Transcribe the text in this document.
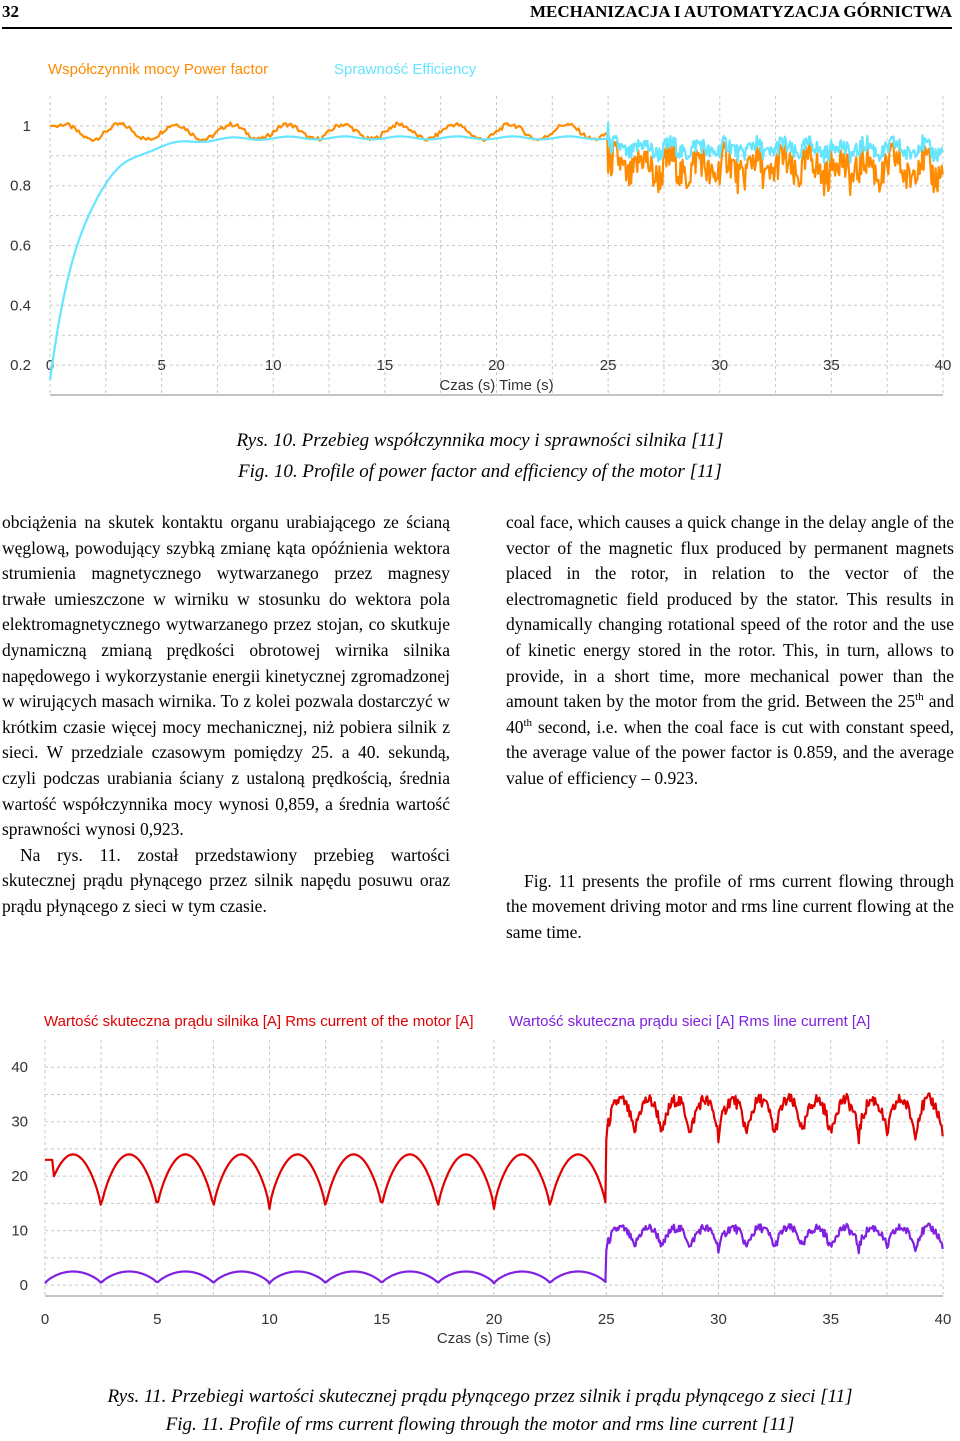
32	MECHANIZACJA I AUTOMATYZACJA GÓRNICTWA
0	5	10	15	20	25	30	35	40
0.2
0.4
0.6
0.8
1
Czas (s) Time (s)
Współczynnik mocy Power factor	Sprawność Efficiency
Rys. 10. Przebieg współczynnika mocy i sprawności silnika [11]
Fig. 10. Profile of power factor and efficiency of the motor [11]

obciążenia na skutek kontaktu organu urabiającego ze ścianą węglową, powodujący szybką zmianę kąta opóźnienia wektora strumienia magnetycznego wytwarzanego przez magnesy trwałe umieszczone w wirniku w stosunku do wektora pola elektromagnetycznego wytwarzanego przez stojan, co skutkuje dynamiczną zmianą prędkości obrotowej wirnika silnika napędowego i wykorzystanie energii kinetycznej zgromadzonej w wirujących masach wirnika. To z kolei pozwala dostarczyć w krótkim czasie więcej mocy mechanicznej, niż pobiera silnik z sieci. W przedziale czasowym pomiędzy 25. a 40. sekundą, czyli podczas urabiania ściany z ustaloną prędkością, średnia wartość współczynnika mocy wynosi 0,859, a średnia wartość sprawności wynosi 0,923.

Na rys. 11. został przedstawiony przebieg wartości skutecznej prądu płynącego przez silnik napędu posuwu oraz prądu płynącego z sieci w tym czasie.

coal face, which causes a quick change in the delay angle of the vector of the magnetic flux produced by permanent magnets placed in the rotor, in relation to the vector of the electromagnetic field produced by the stator. This results in dynamically changing rotational speed of the rotor and the use of kinetic energy stored in the rotor. This, in turn, allows to provide, in a short time, more mechanical power than the amount taken by the motor from the grid. Between the 25th and 40th second, i.e. when the coal face is cut with constant speed, the average value of the power factor is 0.859, and the average value of efficiency – 0.923.

Fig. 11 presents the profile of rms current flowing through the movement driving motor and rms line current flowing at the same time.

0	5	10	15	20	25	30	35	40
0
10
20
30
40
Czas (s) Time (s)
Wartość skuteczna prądu silnika [A] Rms current of the motor [A] Wartość skuteczna prądu sieci [A] Rms line current [A]
Rys. 11. Przebiegi wartości skutecznej prądu płynącego przez silnik i prądu płynącego z sieci [11]
Fig. 11. Profile of rms current flowing through the motor and rms line current [11]
